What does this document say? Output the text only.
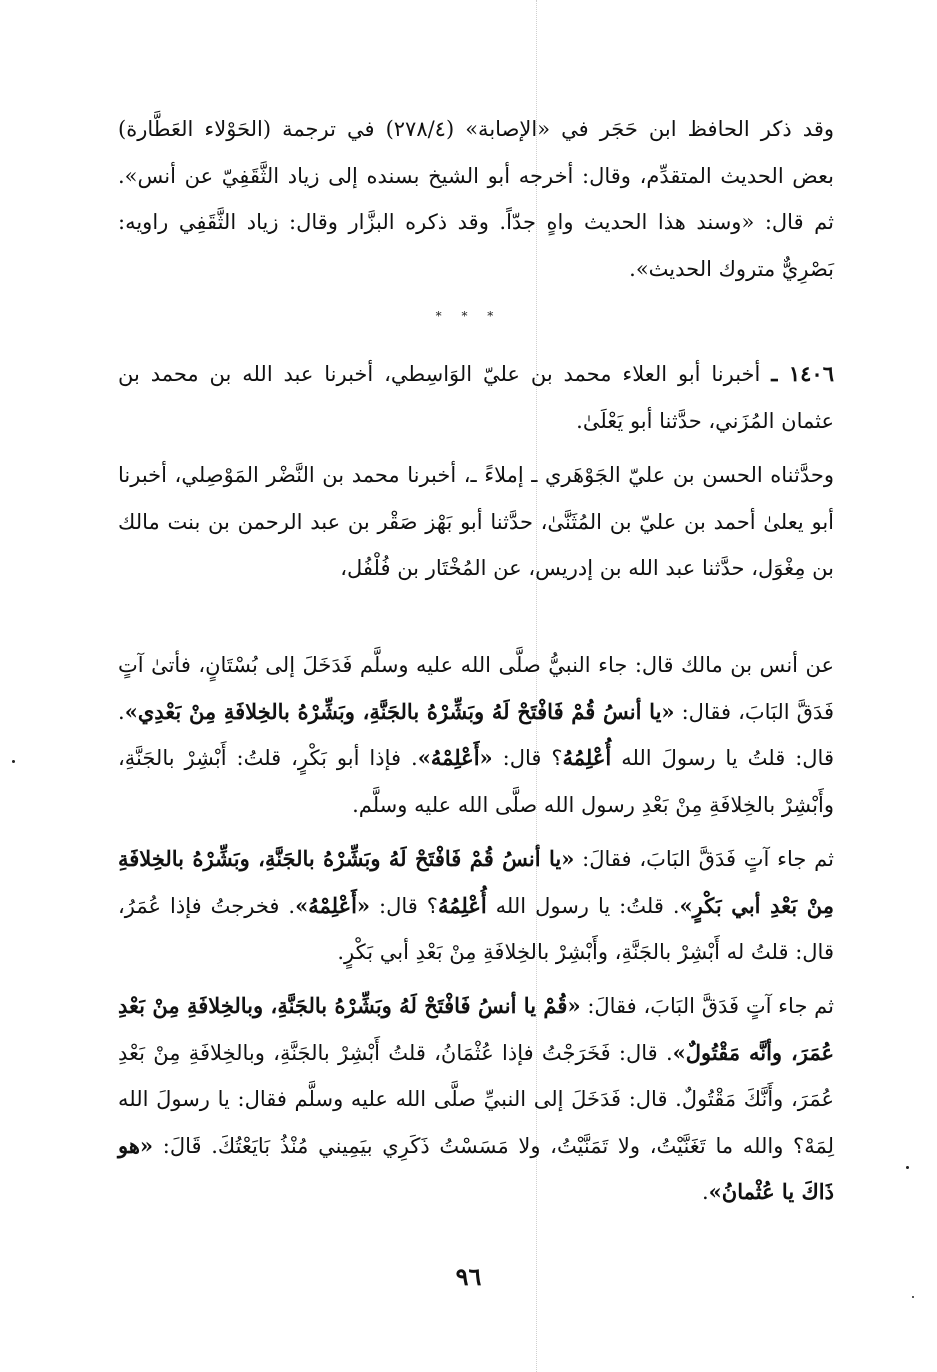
وقد ذكر الحافظ ابن حَجَر في «الإصابة» (٢٧٨/٤) في ترجمة (الحَوْلاء العَطَّارة) بعض الحديث المتقدِّم، وقال: أخرجه أبو الشيخ بسنده إلى زياد الثَّقَفِيّ عن أنس». ثم قال: «وسند هذا الحديث واهٍ جدّاً. وقد ذكره البزَّار وقال: زياد الثَّقَفِي راويه: بَصْرِيٌّ متروك الحديث».

* * *

١٤٠٦ ـ أخبرنا أبو العلاء محمد بن عليّ الوَاسِطي، أخبرنا عبد الله بن محمد بن عثمان المُزَني، حدَّثنا أبو يَعْلَىٰ.

وحدَّثناه الحسن بن عليّ الجَوْهَري ـ إملاءً ـ، أخبرنا محمد بن النَّضْر المَوْصِلي، أخبرنا أبو يعلىٰ أحمد بن عليّ بن المُثَنَّىٰ، حدَّثنا أبو بَهْز صَقْر بن عبد الرحمن بن بنت مالك بن مِغْوَل، حدَّثنا عبد الله بن إدريس، عن المُخْتَار بن فُلْفُل،

عن أنس بن مالك قال: جاء النبيُّ صلَّى الله عليه وسلَّم فَدَخَلَ إلى بُسْتَانٍ، فأتىٰ آتٍ فَدَقَّ البَابَ، فقال: «يا أنسُ قُمْ فَافْتَحْ لَهُ وبَشِّرْهُ بالجَنَّةِ، وبَشِّرْهُ بالخِلافَةِ مِنْ بَعْدِي». قال: قلتُ يا رسولَ الله أُعْلِمُهُ؟ قال: «أَعْلِمْهُ». فإذا أبو بَكْرٍ، قلتُ: أَبْشِرْ بالجَنَّةِ، وأَبْشِرْ بالخِلافَةِ مِنْ بَعْدِ رسول الله صلَّى الله عليه وسلَّم.

ثم جاء آتٍ فَدَقَّ البَابَ، فقالَ: «يا أنسُ قُمْ فَافْتَحْ لَهُ وبَشِّرْهُ بالجَنَّةِ، وبَشِّرْهُ بالخِلافَةِ مِنْ بَعْدِ أبي بَكْرٍ». قلتُ: يا رسول الله أُعْلِمُهُ؟ قال: «أَعْلِمْهُ». فخرجتُ فإذا عُمَرُ، قال: قلتُ له أَبْشِرْ بالجَنَّةِ، وأَبْشِرْ بالخِلافَةِ مِنْ بَعْدِ أبي بَكْرٍ.

ثم جاء آتٍ فَدَقَّ البَابَ، فقالَ: «قُمْ يا أنسُ فَافْتَحْ لَهُ وبَشِّرْهُ بالجَنَّةِ، وبالخِلافَةِ مِنْ بَعْدِ عُمَرَ، وأنَّه مَقْتُولٌ». قال: فَخَرَجْتُ فإذا عُثْمَانُ، قلتُ أَبْشِرْ بالجَنَّةِ، وبالخِلافَةِ مِنْ بَعْدِ عُمَرَ، وأَنَّكَ مَقْتُولٌ. قال: فَدَخَلَ إلى النبيِّ صلَّى الله عليه وسلَّم فقال: يا رسولَ الله لِمَهْ؟ والله ما تَغَنَّيْتُ، ولا تَمَنَّيْتُ، ولا مَسَسْتُ ذَكَرِي بيَمِيني مُنْذُ بَايَعْتُكَ. قَالَ: «هو ذَاكَ يا عُثْمانُ».

٩٦
